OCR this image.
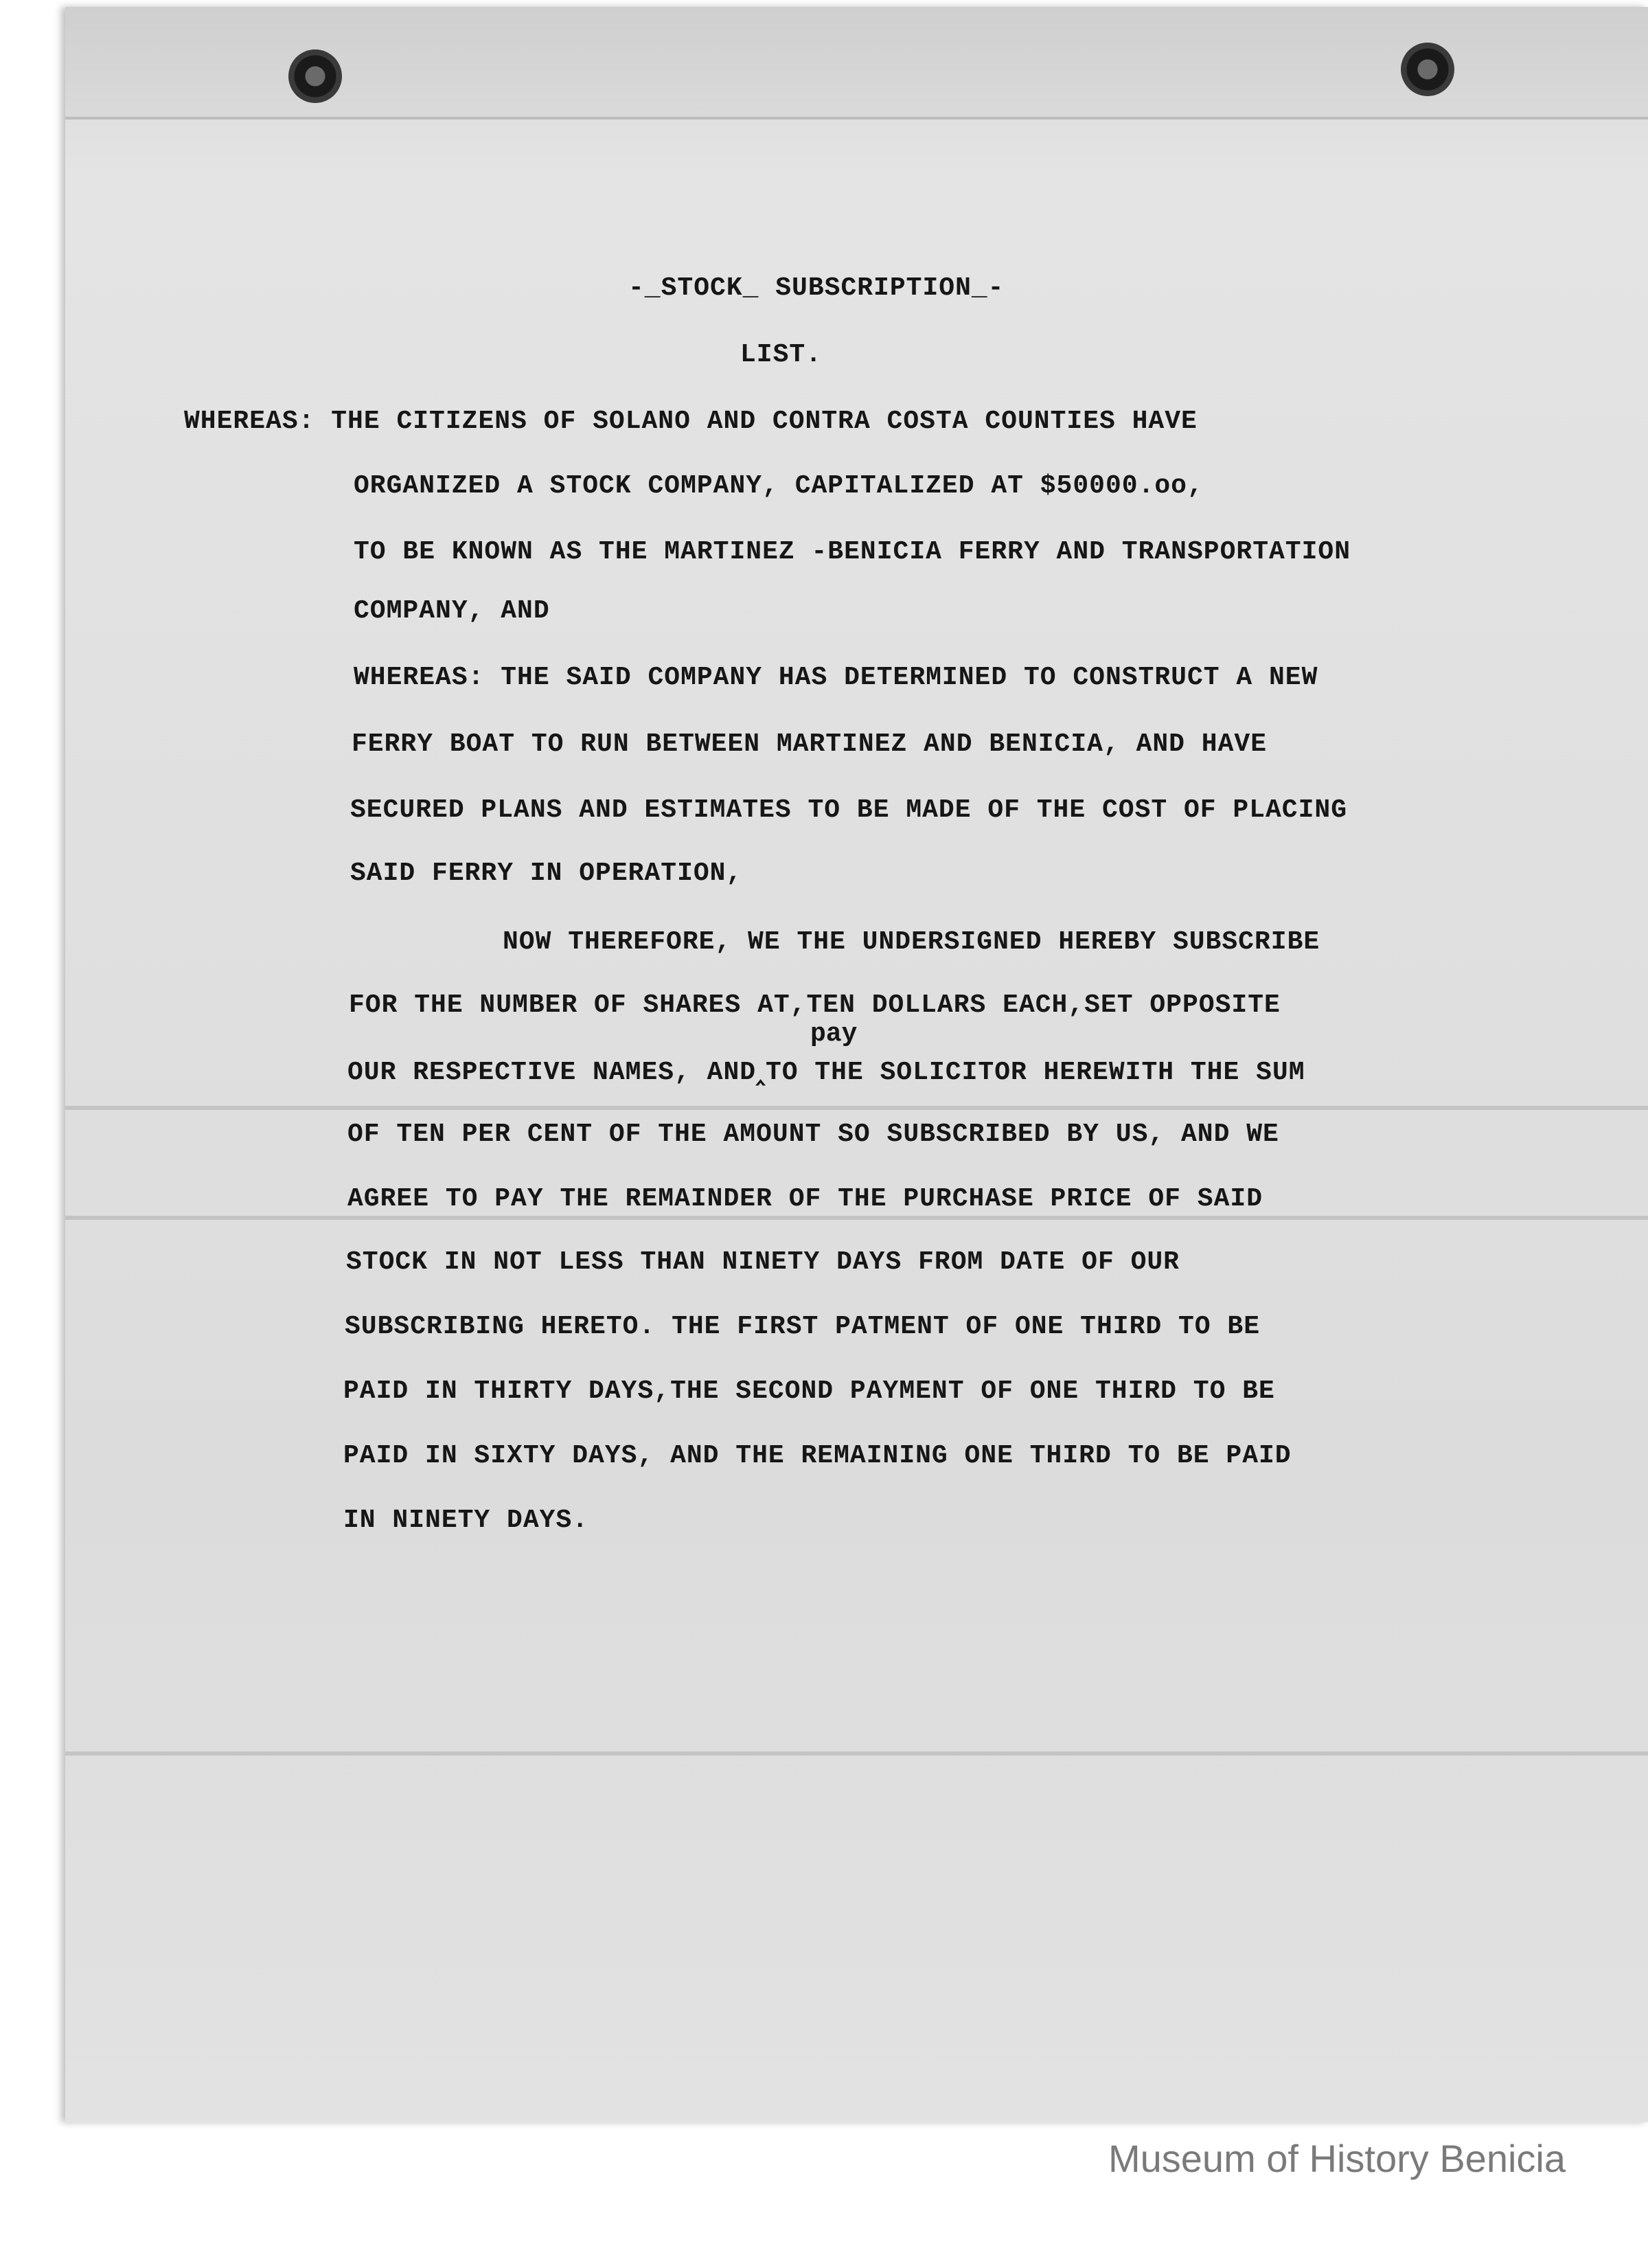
-_STOCK_ SUBSCRIPTION_-
LIST.
WHEREAS: THE CITIZENS OF SOLANO AND CONTRA COSTA COUNTIES HAVE
ORGANIZED A STOCK COMPANY, CAPITALIZED AT $50000.oo,
TO BE KNOWN AS THE MARTINEZ -BENICIA FERRY AND TRANSPORTATION
COMPANY, AND
WHEREAS: THE SAID COMPANY HAS DETERMINED TO CONSTRUCT A NEW
FERRY BOAT TO RUN BETWEEN MARTINEZ AND BENICIA, AND HAVE
SECURED PLANS AND ESTIMATES TO BE MADE OF THE COST OF PLACING
SAID FERRY IN OPERATION,
NOW THEREFORE, WE THE UNDERSIGNED HEREBY SUBSCRIBE
FOR THE NUMBER OF SHARES AT,TEN DOLLARS EACH,SET OPPOSITE
pay
OUR RESPECTIVE NAMES, AND‸TO THE SOLICITOR HEREWITH THE SUM
OF TEN PER CENT OF THE AMOUNT SO SUBSCRIBED BY US, AND WE
AGREE TO PAY THE REMAINDER OF THE PURCHASE PRICE OF SAID
STOCK IN NOT LESS THAN NINETY DAYS FROM DATE OF OUR
SUBSCRIBING HERETO. THE FIRST PATMENT OF ONE THIRD TO BE
PAID IN THIRTY DAYS,THE SECOND PAYMENT OF ONE THIRD TO BE
PAID IN SIXTY DAYS, AND THE REMAINING ONE THIRD TO BE PAID
IN NINETY DAYS.
Museum of History Benicia
